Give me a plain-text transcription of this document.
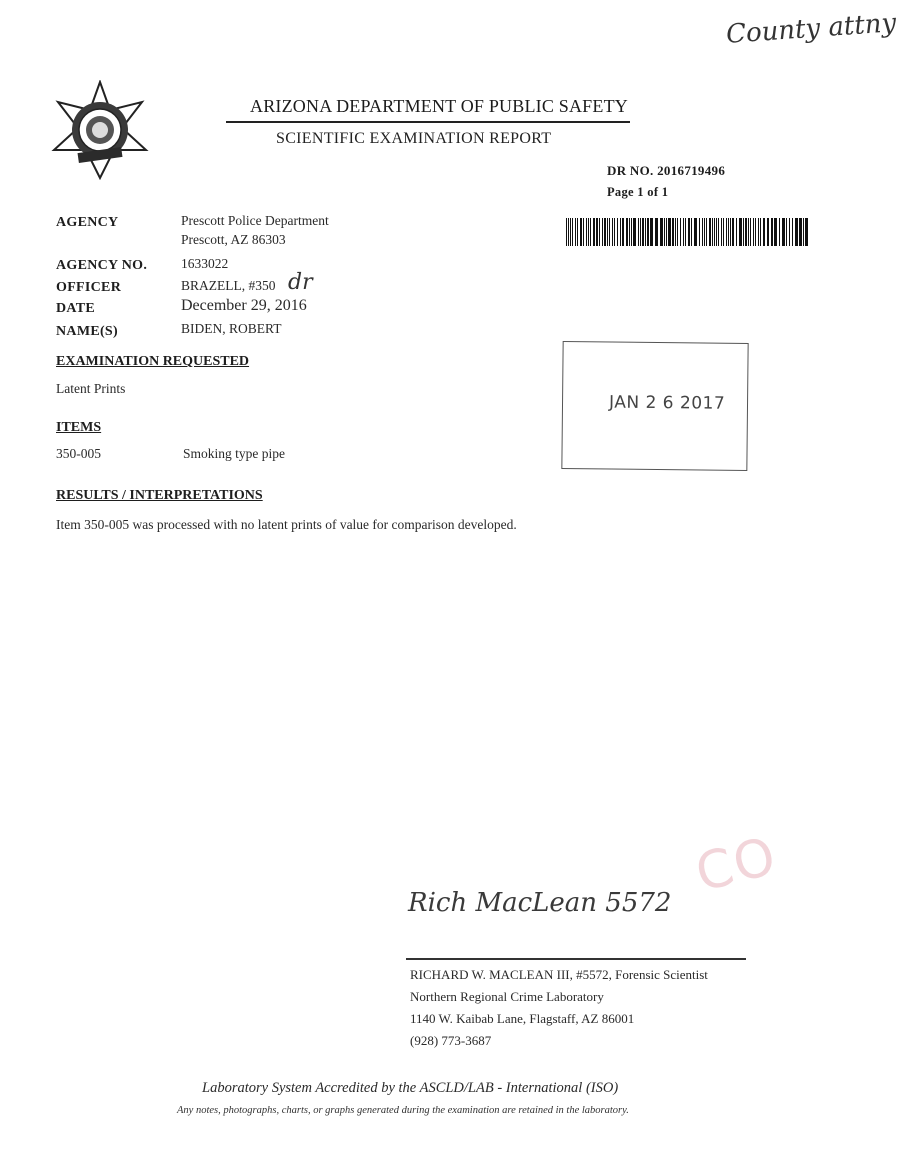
County attny
ARIZONA DEPARTMENT OF PUBLIC SAFETY
SCIENTIFIC EXAMINATION REPORT
DR NO. 2016719496
Page 1 of 1
AGENCY	Prescott Police Department
Prescott, AZ 86303
AGENCY NO.	1633022
OFFICER	BRAZELL, #350 dr
DATE	December 29, 2016
NAME(S)	BIDEN, ROBERT
JAN 2 6 2017
EXAMINATION REQUESTED
Latent Prints
ITEMS
350-005	Smoking type pipe
RESULTS / INTERPRETATIONS
Item 350-005 was processed with no latent prints of value for comparison developed.
CO
Rich MacLean 5572
RICHARD W. MACLEAN III, #5572, Forensic Scientist
Northern Regional Crime Laboratory
1140 W. Kaibab Lane, Flagstaff, AZ 86001
(928) 773-3687
Laboratory System Accredited by the ASCLD/LAB - International (ISO)
Any notes, photographs, charts, or graphs generated during the examination are retained in the laboratory.
